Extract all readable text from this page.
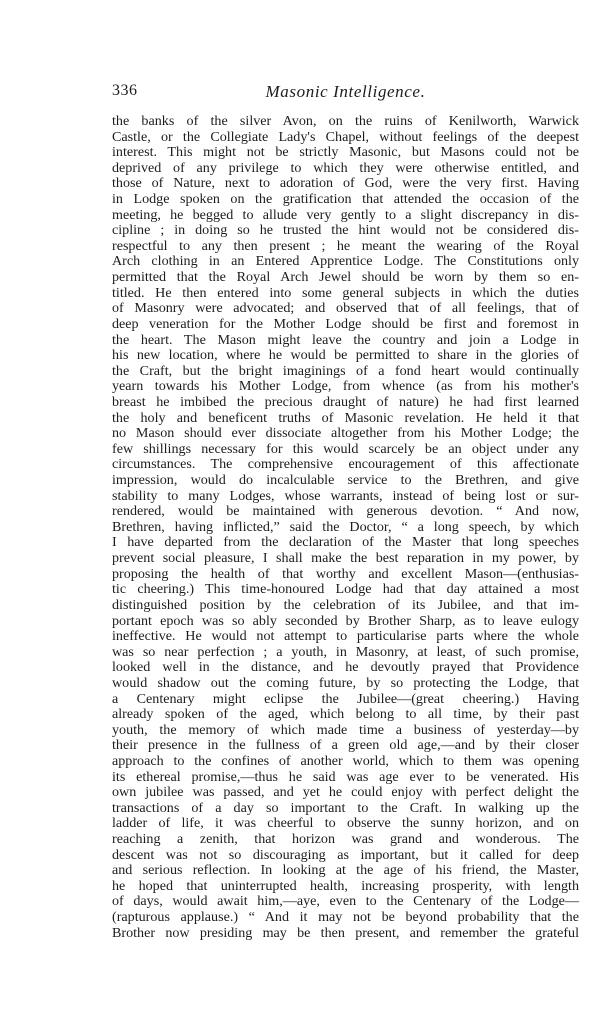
336	Masonic Intelligence.
the banks of the silver Avon, on the ruins of Kenilworth, Warwick
Castle, or the Collegiate Lady's Chapel, without feelings of the deepest
interest. This might not be strictly Masonic, but Masons could not be
deprived of any privilege to which they were otherwise entitled, and
those of Nature, next to adoration of God, were the very first. Having
in Lodge spoken on the gratification that attended the occasion of the
meeting, he begged to allude very gently to a slight discrepancy in dis-
cipline ; in doing so he trusted the hint would not be considered dis-
respectful to any then present ; he meant the wearing of the Royal
Arch clothing in an Entered Apprentice Lodge. The Constitutions only
permitted that the Royal Arch Jewel should be worn by them so en-
titled. He then entered into some general subjects in which the duties
of Masonry were advocated; and observed that of all feelings, that of
deep veneration for the Mother Lodge should be first and foremost in
the heart. The Mason might leave the country and join a Lodge in
his new location, where he would be permitted to share in the glories of
the Craft, but the bright imaginings of a fond heart would continually
yearn towards his Mother Lodge, from whence (as from his mother's
breast he imbibed the precious draught of nature) he had first learned
the holy and beneficent truths of Masonic revelation. He held it that
no Mason should ever dissociate altogether from his Mother Lodge; the
few shillings necessary for this would scarcely be an object under any
circumstances. The comprehensive encouragement of this affectionate
impression, would do incalculable service to the Brethren, and give
stability to many Lodges, whose warrants, instead of being lost or sur-
rendered, would be maintained with generous devotion. “ And now,
Brethren, having inflicted,” said the Doctor, “ a long speech, by which
I have departed from the declaration of the Master that long speeches
prevent social pleasure, I shall make the best reparation in my power, by
proposing the health of that worthy and excellent Mason—(enthusias-
tic cheering.) This time-honoured Lodge had that day attained a most
distinguished position by the celebration of its Jubilee, and that im-
portant epoch was so ably seconded by Brother Sharp, as to leave eulogy
ineffective. He would not attempt to particularise parts where the whole
was so near perfection ; a youth, in Masonry, at least, of such promise,
looked well in the distance, and he devoutly prayed that Providence
would shadow out the coming future, by so protecting the Lodge, that
a Centenary might eclipse the Jubilee—(great cheering.) Having
already spoken of the aged, which belong to all time, by their past
youth, the memory of which made time a business of yesterday—by
their presence in the fullness of a green old age,—and by their closer
approach to the confines of another world, which to them was opening
its ethereal promise,—thus he said was age ever to be venerated. His
own jubilee was passed, and yet he could enjoy with perfect delight the
transactions of a day so important to the Craft. In walking up the
ladder of life, it was cheerful to observe the sunny horizon, and on
reaching a zenith, that horizon was grand and wonderous. The
descent was not so discouraging as important, but it called for deep
and serious reflection. In looking at the age of his friend, the Master,
he hoped that uninterrupted health, increasing prosperity, with length
of days, would await him,—aye, even to the Centenary of the Lodge—
(rapturous applause.) “ And it may not be beyond probability that the
Brother now presiding may be then present, and remember the grateful
